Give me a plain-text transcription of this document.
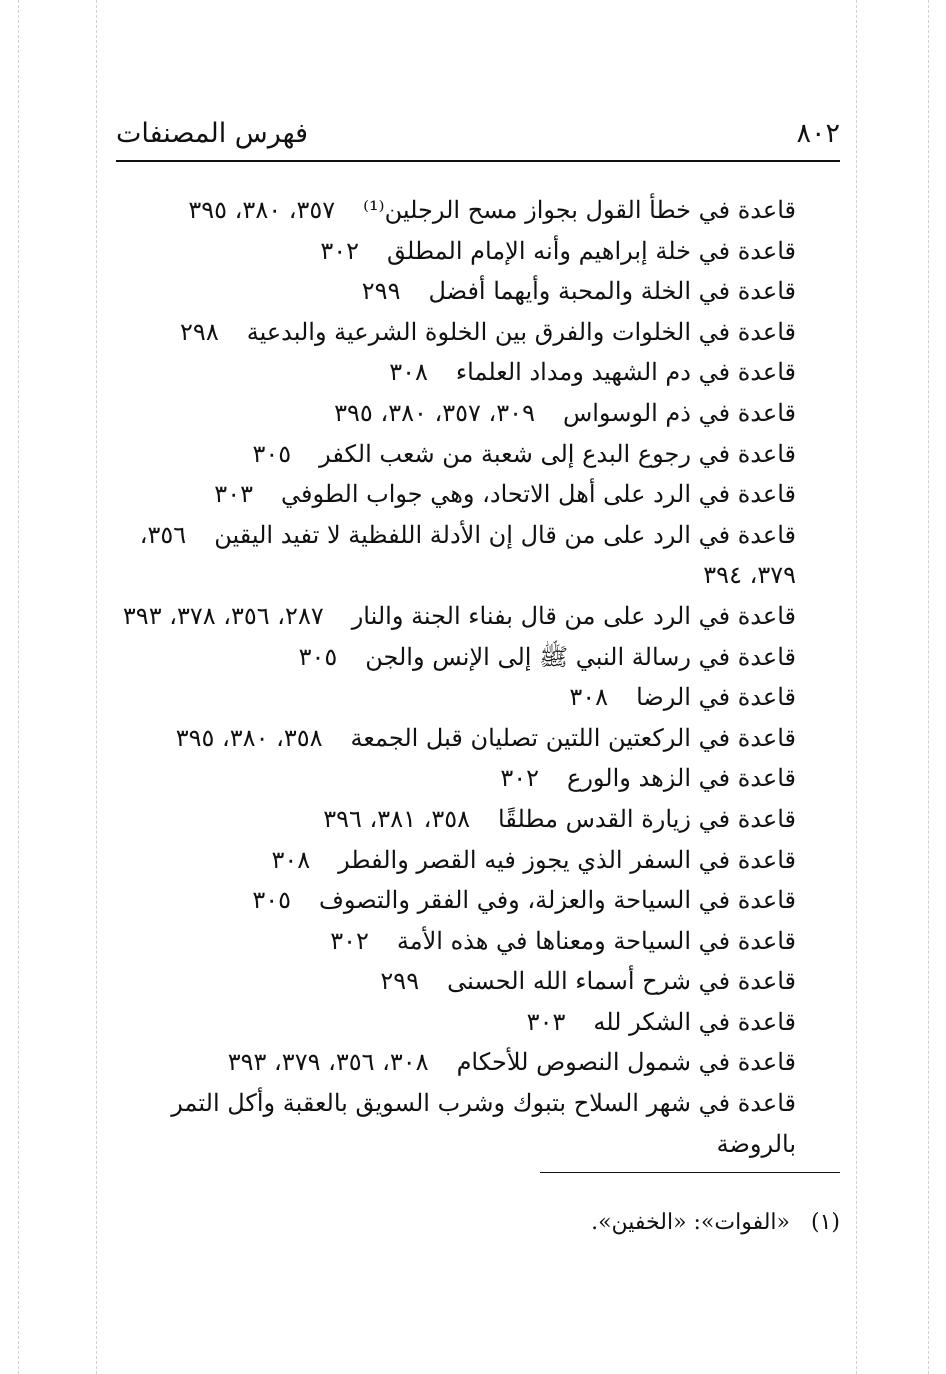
فهرس المصنفات	٨٠٢
قاعدة في خطأ القول بجواز مسح الرجلين⁽¹⁾٣٥٧، ٣٨٠، ٣٩٥
قاعدة في خلة إبراهيم وأنه الإمام المطلق٣٠٢
قاعدة في الخلة والمحبة وأيهما أفضل٢٩٩
قاعدة في الخلوات والفرق بين الخلوة الشرعية والبدعية٢٩٨
قاعدة في دم الشهيد ومداد العلماء٣٠٨
قاعدة في ذم الوسواس٣٠٩، ٣٥٧، ٣٨٠، ٣٩٥
قاعدة في رجوع البدع إلى شعبة من شعب الكفر٣٠٥
قاعدة في الرد على أهل الاتحاد، وهي جواب الطوفي٣٠٣
قاعدة في الرد على من قال إن الأدلة اللفظية لا تفيد اليقين٣٥٦، ٣٧٩، ٣٩٤
قاعدة في الرد على من قال بفناء الجنة والنار٢٨٧، ٣٥٦، ٣٧٨، ٣٩٣
قاعدة في رسالة النبي ﷺ إلى الإنس والجن٣٠٥
قاعدة في الرضا٣٠٨
قاعدة في الركعتين اللتين تصليان قبل الجمعة٣٥٨، ٣٨٠، ٣٩٥
قاعدة في الزهد والورع٣٠٢
قاعدة في زيارة القدس مطلقًا٣٥٨، ٣٨١، ٣٩٦
قاعدة في السفر الذي يجوز فيه القصر والفطر٣٠٨
قاعدة في السياحة والعزلة، وفي الفقر والتصوف٣٠٥
قاعدة في السياحة ومعناها في هذه الأمة٣٠٢
قاعدة في شرح أسماء الله الحسنى٢٩٩
قاعدة في الشكر لله٣٠٣
قاعدة في شمول النصوص للأحكام٣٠٨، ٣٥٦، ٣٧٩، ٣٩٣
قاعدة في شهر السلاح بتبوك وشرب السويق بالعقبة وأكل التمر بالروضة
(١) «الفوات»: «الخفين».
